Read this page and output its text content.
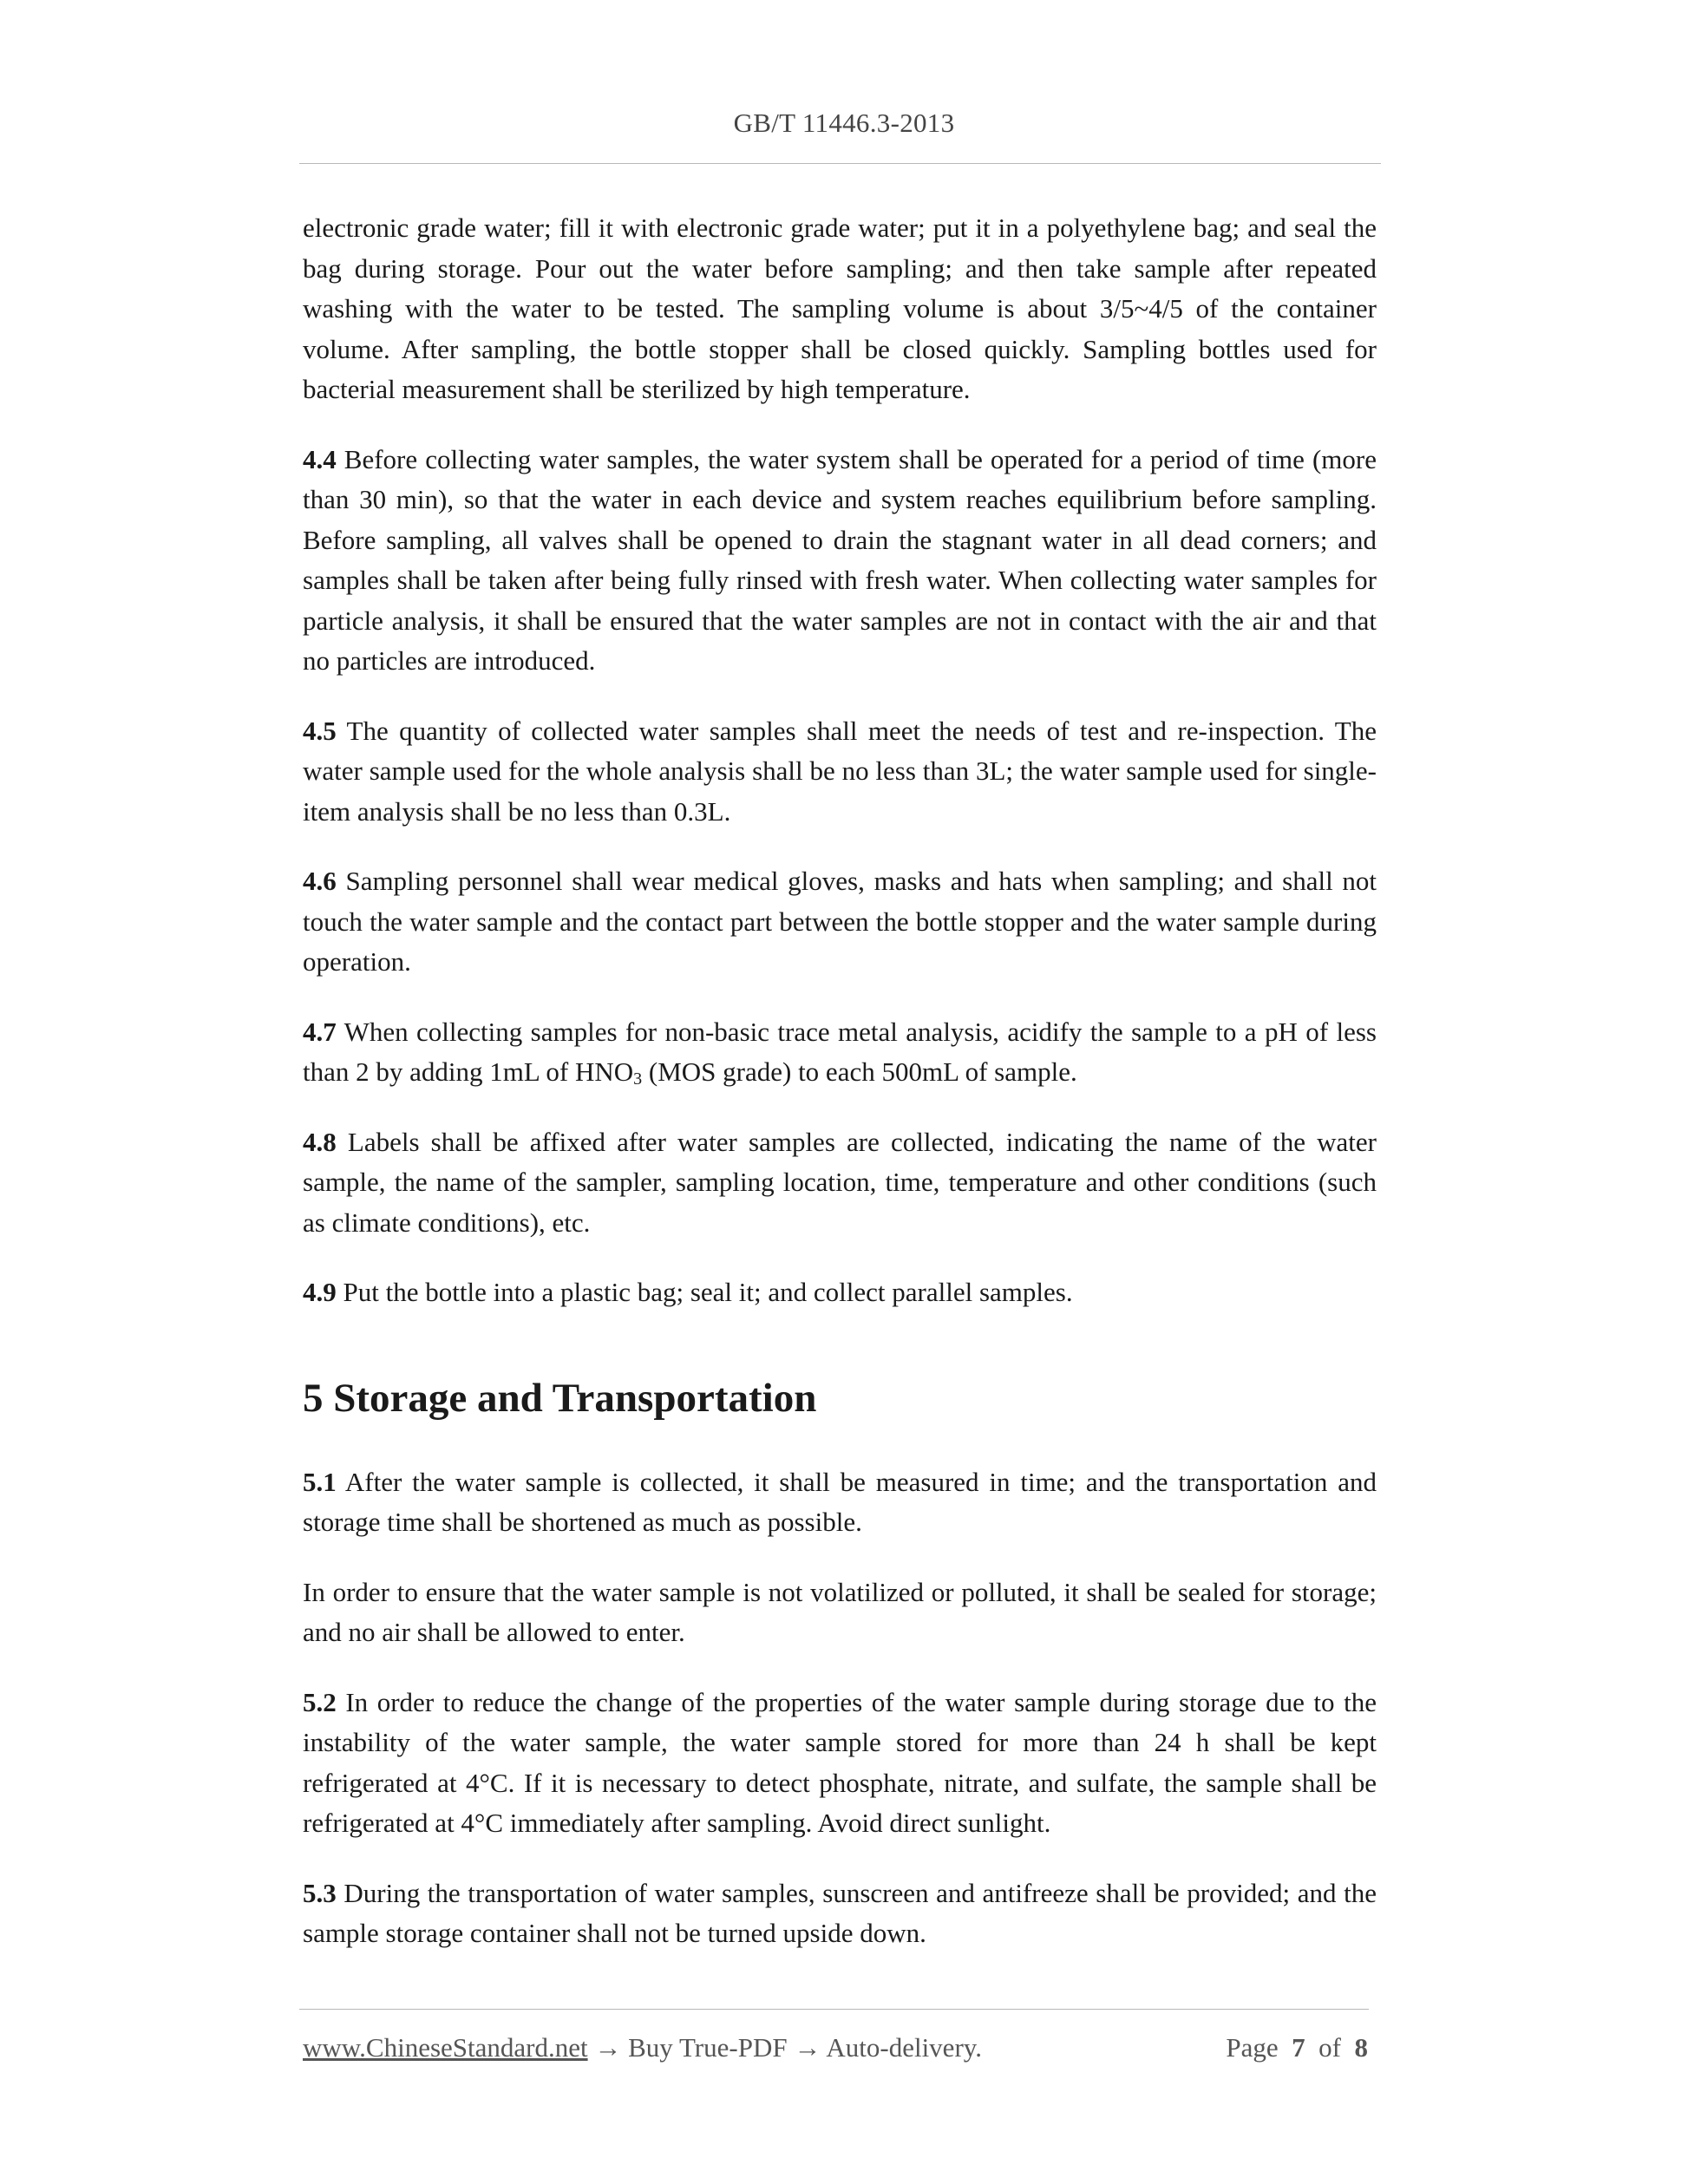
GB/T 11446.3-2013

electronic grade water; fill it with electronic grade water; put it in a polyethylene bag; and seal the bag during storage. Pour out the water before sampling; and then take sample after repeated washing with the water to be tested. The sampling volume is about 3/5~4/5 of the container volume. After sampling, the bottle stopper shall be closed quickly. Sampling bottles used for bacterial measurement shall be sterilized by high temperature.

4.4 Before collecting water samples, the water system shall be operated for a period of time (more than 30 min), so that the water in each device and system reaches equilibrium before sampling. Before sampling, all valves shall be opened to drain the stagnant water in all dead corners; and samples shall be taken after being fully rinsed with fresh water. When collecting water samples for particle analysis, it shall be ensured that the water samples are not in contact with the air and that no particles are introduced.

4.5 The quantity of collected water samples shall meet the needs of test and re-inspection. The water sample used for the whole analysis shall be no less than 3L; the water sample used for single-item analysis shall be no less than 0.3L.

4.6 Sampling personnel shall wear medical gloves, masks and hats when sampling; and shall not touch the water sample and the contact part between the bottle stopper and the water sample during operation.

4.7 When collecting samples for non-basic trace metal analysis, acidify the sample to a pH of less than 2 by adding 1mL of $HNO_3$ (MOS grade) to each 500mL of sample.

4.8 Labels shall be affixed after water samples are collected, indicating the name of the water sample, the name of the sampler, sampling location, time, temperature and other conditions (such as climate conditions), etc.

4.9 Put the bottle into a plastic bag; seal it; and collect parallel samples.

5 Storage and Transportation

5.1 After the water sample is collected, it shall be measured in time; and the transportation and storage time shall be shortened as much as possible.

In order to ensure that the water sample is not volatilized or polluted, it shall be sealed for storage; and no air shall be allowed to enter.

5.2 In order to reduce the change of the properties of the water sample during storage due to the instability of the water sample, the water sample stored for more than 24 h shall be kept refrigerated at 4°C. If it is necessary to detect phosphate, nitrate, and sulfate, the sample shall be refrigerated at 4°C immediately after sampling. Avoid direct sunlight.

5.3 During the transportation of water samples, sunscreen and antifreeze shall be provided; and the sample storage container shall not be turned upside down.

www.ChineseStandard.net → Buy True-PDF → Auto-delivery.	Page 7 of 8
